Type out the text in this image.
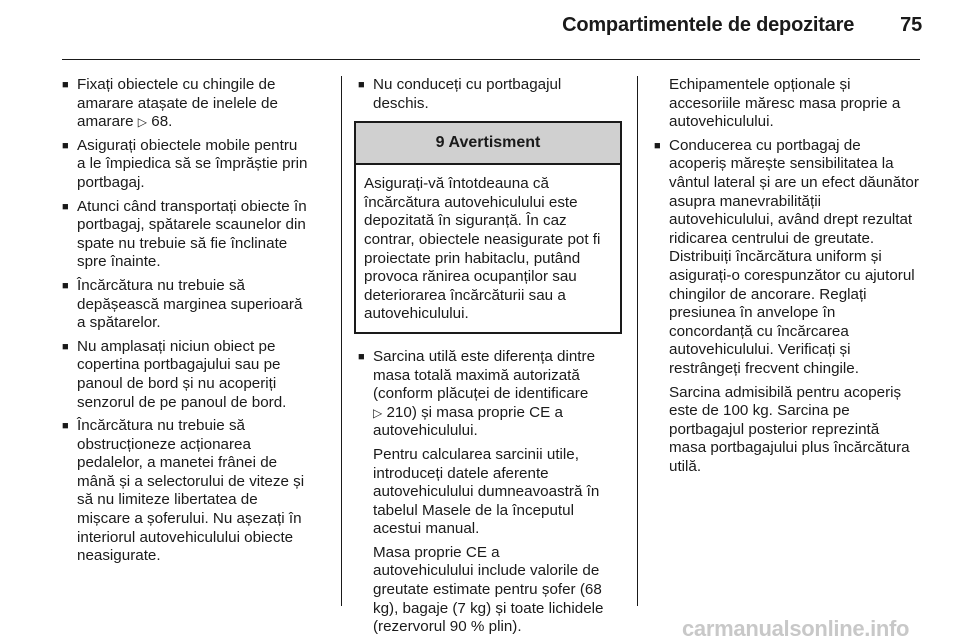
Compartimentele de depozitare 75
■ Fixați obiectele cu chingile de amarare atașate de inelele de amarare ▷ 68.
■ Asigurați obiectele mobile pentru a le împiedica să se împrăștie prin portbagaj.
■ Atunci când transportați obiecte în portbagaj, spătarele scaunelor din spate nu trebuie să fie înclinate spre înainte.
■ Încărcătura nu trebuie să depășească marginea superioară a spătarelor.
■ Nu amplasați niciun obiect pe copertina portbagajului sau pe panoul de bord și nu acoperiți senzorul de pe panoul de bord.
■ Încărcătura nu trebuie să obstrucționeze acționarea pedalelor, a manetei frânei de mână și a selectorului de viteze și să nu limiteze libertatea de mișcare a șoferului. Nu așezați în interiorul autovehiculului obiecte neasigurate.
■ Nu conduceți cu portbagajul deschis.
9 Avertisment
Asigurați-vă întotdeauna că încărcătura autovehiculului este depozitată în siguranță. În caz contrar, obiectele neasigurate pot fi proiectate prin habitaclu, putând provoca rănirea ocupanților sau deteriorarea încărcăturii sau a autovehiculului.
■ Sarcina utilă este diferența dintre masa totală maximă autorizată (conform plăcuței de identificare ▷ 210) și masa proprie CE a autovehiculului.

Pentru calcularea sarcinii utile, introduceți datele aferente autovehiculului dumneavoastră în tabelul Masele de la începutul acestui manual.

Masa proprie CE a autovehiculului include valorile de greutate estimate pentru șofer (68 kg), bagaje (7 kg) și toate lichidele (rezervorul 90 % plin).

Echipamentele opționale și accesoriile măresc masa proprie a autovehiculului.

■ Conducerea cu portbagaj de acoperiș mărește sensibilitatea la vântul lateral și are un efect dăunător asupra manevrabilității autovehiculului, având drept rezultat ridicarea centrului de greutate. Distribuiți încărcătura uniform și asigurați-o corespunzător cu ajutorul chingilor de ancorare. Reglați presiunea în anvelope în concordanță cu încărcarea autovehiculului. Verificați și restrângeți frecvent chingile.

Sarcina admisibilă pentru acoperiș este de 100 kg. Sarcina pe portbagajul posterior reprezintă masa portbagajului plus încărcătura utilă.

carmanualsonline.info
